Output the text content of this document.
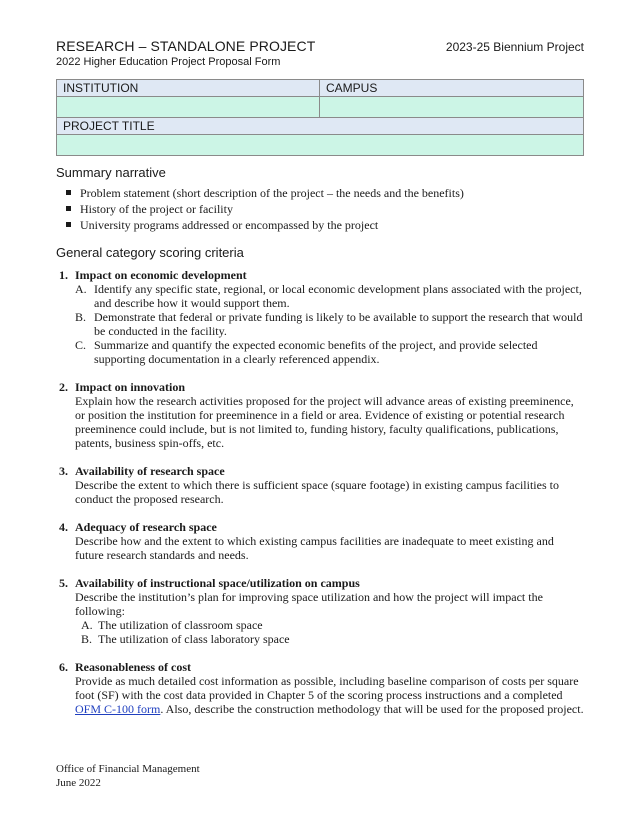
RESEARCH – STANDALONE PROJECT	2023-25 Biennium Project
2022 Higher Education Project Proposal Form
INSTITUTION	CAMPUS

PROJECT TITLE	

Summary narrative
Problem statement (short description of the project – the needs and the benefits)
History of the project or facility
University programs addressed or encompassed by the project
General category scoring criteria
1. Impact on economic development
A. Identify any specific state, regional, or local economic development plans associated with the project, and describe how it would support them.
B. Demonstrate that federal or private funding is likely to be available to support the research that would be conducted in the facility.
C. Summarize and quantify the expected economic benefits of the project, and provide selected supporting documentation in a clearly referenced appendix.
2. Impact on innovation
Explain how the research activities proposed for the project will advance areas of existing preeminence, or position the institution for preeminence in a field or area. Evidence of existing or potential research preeminence could include, but is not limited to, funding history, faculty qualifications, publications, patents, business spin-offs, etc.
3. Availability of research space
Describe the extent to which there is sufficient space (square footage) in existing campus facilities to conduct the proposed research.
4. Adequacy of research space
Describe how and the extent to which existing campus facilities are inadequate to meet existing and future research standards and needs.
5. Availability of instructional space/utilization on campus
Describe the institution’s plan for improving space utilization and how the project will impact the following:
A. The utilization of classroom space
B. The utilization of class laboratory space
6. Reasonableness of cost
Provide as much detailed cost information as possible, including baseline comparison of costs per square foot (SF) with the cost data provided in Chapter 5 of the scoring process instructions and a completed OFM C-100 form. Also, describe the construction methodology that will be used for the proposed project.
Office of Financial Management
June 2022
